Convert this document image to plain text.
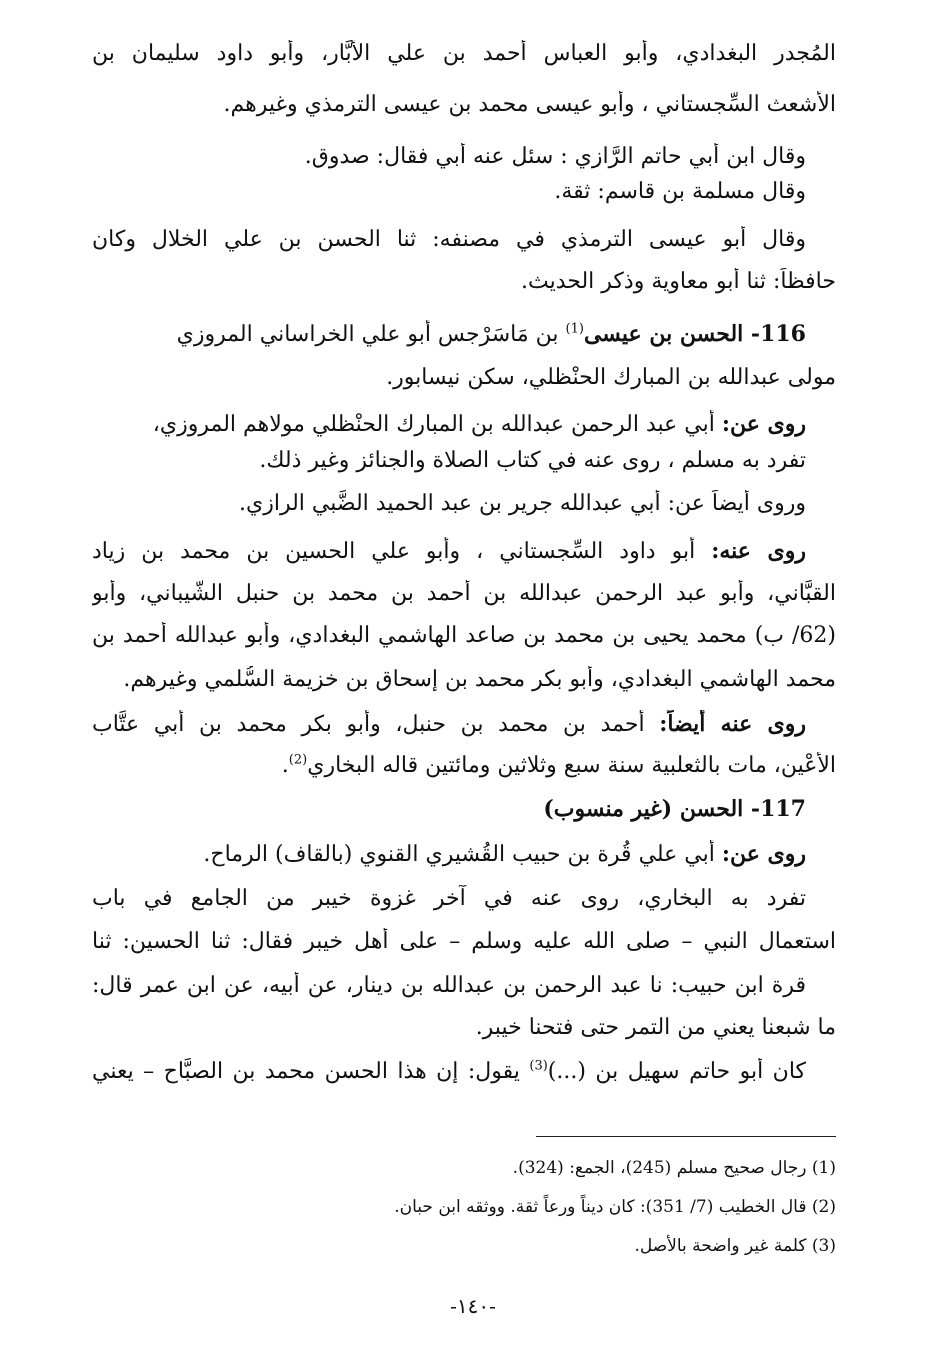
المُجدر البغدادي، وأبو العباس أحمد بن علي الأبَّار، وأبو داود سليمان بن
الأشعث السِّجستاني ، وأبو عيسى محمد بن عيسى الترمذي وغيرهم.
وقال ابن أبي حاتم الرَّازي : سئل عنه أبي فقال: صدوق.
وقال مسلمة بن قاسم: ثقة.
وقال أبو عيسى الترمذي في مصنفه: ثنا الحسن بن علي الخلال وكان
حافظاً: ثنا أبو معاوية وذكر الحديث.
116- الحسن بن عيسى$^{(1)}$ بن مَاسَرْجس أبو علي الخراساني المروزي
مولى عبدالله بن المبارك الحنْظلي، سكن نيسابور.
روى عن: أبي عبد الرحمن عبدالله بن المبارك الحنْظلي مولاهم المروزي،
تفرد به مسلم ، روى عنه في كتاب الصلاة والجنائز وغير ذلك.
وروى أيضاً عن: أبي عبدالله جرير بن عبد الحميد الضَّبي الرازي.
روى عنه: أبو داود السِّجستاني ، وأبو علي الحسين بن محمد بن زياد
القبَّاني، وأبو عبد الرحمن عبدالله بن أحمد بن محمد بن حنبل الشَّيباني، وأبو
(62/ ب) محمد يحيى بن محمد بن صاعد الهاشمي البغدادي، وأبو عبدالله أحمد بن
محمد الهاشمي البغدادي، وأبو بكر محمد بن إسحاق بن خزيمة السُّلمي وغيرهم.
روى عنه أيضاً: أحمد بن محمد بن حنبل، وأبو بكر محمد بن أبي عتَّاب
الأعْين، مات بالثعلبية سنة سبع وثلاثين ومائتين قاله البخاري$^{(2)}$.
117- الحسن (غير منسوب)
روى عن: أبي علي قُرة بن حبيب القُشيري القنوي (بالقاف) الرماح.
تفرد به البخاري، روى عنه في آخر غزوة خيبر من الجامع في باب
استعمال النبي – صلى الله عليه وسلم – على أهل خيبر فقال: ثنا الحسين: ثنا
قرة ابن حبيب: نا عبد الرحمن بن عبدالله بن دينار، عن أبيه، عن ابن عمر قال:
ما شبعنا يعني من التمر حتى فتحنا خيبر.
كان أبو حاتم سهيل بن (...)$^{(3)}$ يقول: إن هذا الحسن محمد بن الصبَّاح – يعني
(1) رجال صحيح مسلم (245)، الجمع: (324).
(2) قال الخطيب (7/ 351): كان ديناً ورعاً ثقة. ووثقه ابن حبان.
(3) كلمة غير واضحة بالأصل.
-١٤٠-
